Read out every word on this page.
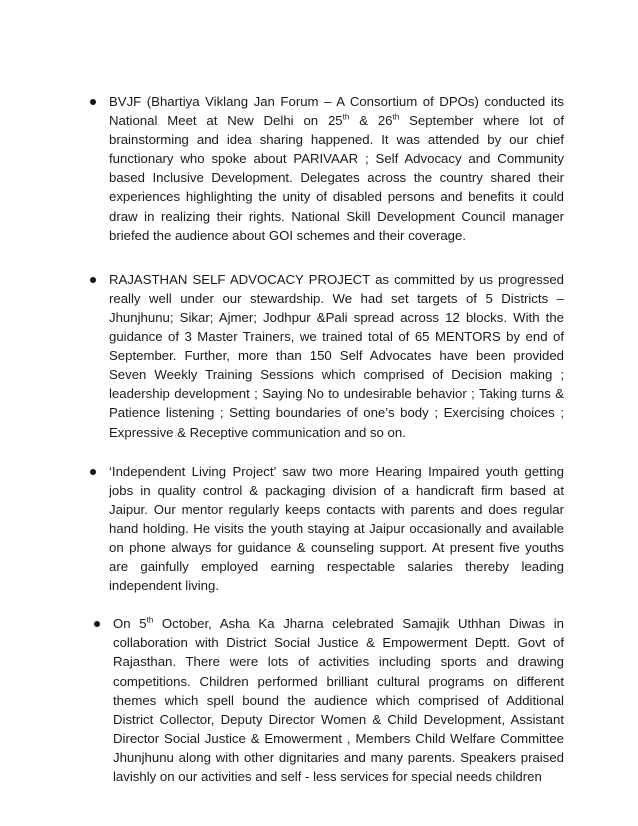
BVJF (Bhartiya Viklang Jan Forum – A Consortium of DPOs) conducted its National Meet at New Delhi on 25th & 26th September where lot of brainstorming and idea sharing happened. It was attended by our chief functionary who spoke about PARIVAAR ; Self Advocacy and Community based Inclusive Development. Delegates across the country shared their experiences highlighting the unity of disabled persons and benefits it could draw in realizing their rights. National Skill Development Council manager briefed the audience about GOI schemes and their coverage.

RAJASTHAN SELF ADVOCACY PROJECT as committed by us progressed really well under our stewardship. We had set targets of 5 Districts – Jhunjhunu; Sikar; Ajmer; Jodhpur &Pali spread across 12 blocks. With the guidance of 3 Master Trainers, we trained total of 65 MENTORS by end of September. Further, more than 150 Self Advocates have been provided Seven Weekly Training Sessions which comprised of Decision making ; leadership development ; Saying No to undesirable behavior ; Taking turns & Patience listening ; Setting boundaries of one’s body ; Exercising choices ; Expressive & Receptive communication and so on.

‘Independent Living Project’ saw two more Hearing Impaired youth getting jobs in quality control & packaging division of a handicraft firm based at Jaipur. Our mentor regularly keeps contacts with parents and does regular hand holding. He visits the youth staying at Jaipur occasionally and available on phone always for guidance & counseling support. At present five youths are gainfully employed earning respectable salaries thereby leading independent living.

On 5th October, Asha Ka Jharna celebrated Samajik Uthhan Diwas in collaboration with District Social Justice & Empowerment Deptt. Govt of Rajasthan. There were lots of activities including sports and drawing competitions. Children performed brilliant cultural programs on different themes which spell bound the audience which comprised of Additional District Collector, Deputy Director Women & Child Development, Assistant Director Social Justice & Emowerment , Members Child Welfare Committee Jhunjhunu along with other dignitaries and many parents. Speakers praised lavishly on our activities and self - less services for special needs children
